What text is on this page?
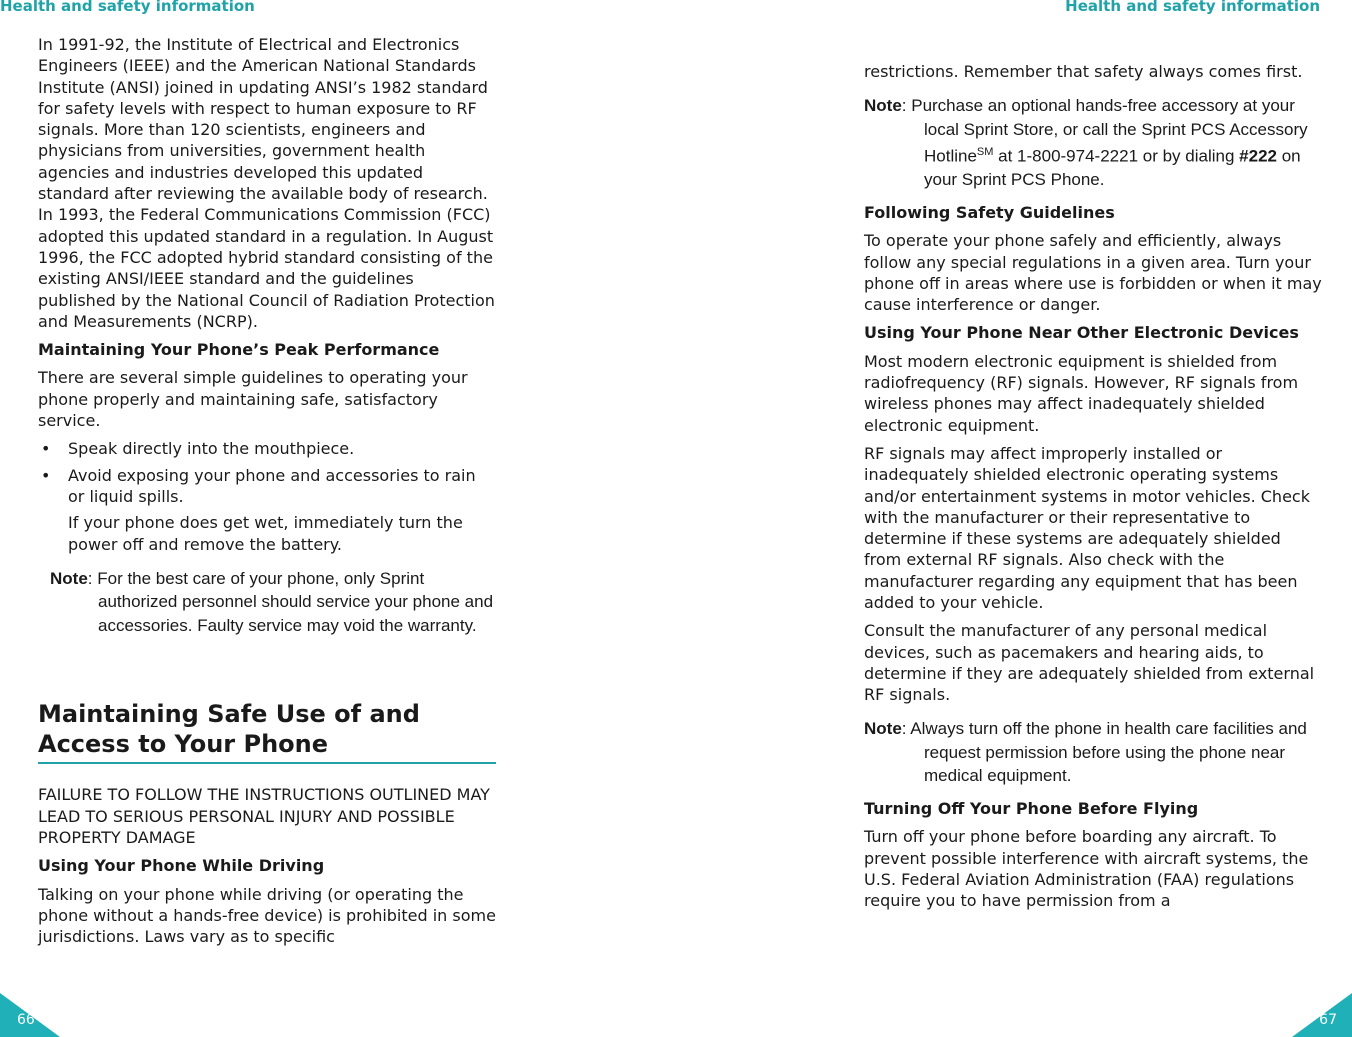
Health and safety information

In 1991-92, the Institute of Electrical and Electronics Engineers (IEEE) and the American National Standards Institute (ANSI) joined in updating ANSI’s 1982 standard for safety levels with respect to human exposure to RF signals. More than 120 scientists, engineers and physicians from universities, government health agencies and industries developed this updated standard after reviewing the available body of research. In 1993, the Federal Communications Commission (FCC) adopted this updated standard in a regulation. In August 1996, the FCC adopted hybrid standard consisting of the existing ANSI/IEEE standard and the guidelines published by the National Council of Radiation Protection and Measurements (NCRP).

Maintaining Your Phone’s Peak Performance

There are several simple guidelines to operating your phone properly and maintaining safe, satisfactory service.

• Speak directly into the mouthpiece.
• Avoid exposing your phone and accessories to rain or liquid spills.

If your phone does get wet, immediately turn the power off and remove the battery.

Note: For the best care of your phone, only Sprint authorized personnel should service your phone and accessories. Faulty service may void the warranty.
Maintaining Safe Use of and Access to Your Phone

FAILURE TO FOLLOW THE INSTRUCTIONS OUTLINED MAY LEAD TO SERIOUS PERSONAL INJURY AND POSSIBLE PROPERTY DAMAGE

Using Your Phone While Driving

Talking on your phone while driving (or operating the phone without a hands-free device) is prohibited in some jurisdictions. Laws vary as to specific

66
Health and safety information

restrictions. Remember that safety always comes first.

Note: Purchase an optional hands-free accessory at your local Sprint Store, or call the Sprint PCS Accessory Hotline℠ at 1-800-974-2221 or by dialing #222 on your Sprint PCS Phone.
Following Safety Guidelines

To operate your phone safely and efficiently, always follow any special regulations in a given area. Turn your phone off in areas where use is forbidden or when it may cause interference or danger.

Using Your Phone Near Other Electronic Devices

Most modern electronic equipment is shielded from radiofrequency (RF) signals. However, RF signals from wireless phones may affect inadequately shielded electronic equipment.

RF signals may affect improperly installed or inadequately shielded electronic operating systems and/or entertainment systems in motor vehicles. Check with the manufacturer or their representative to determine if these systems are adequately shielded from external RF signals. Also check with the manufacturer regarding any equipment that has been added to your vehicle.

Consult the manufacturer of any personal medical devices, such as pacemakers and hearing aids, to determine if they are adequately shielded from external RF signals.

Note: Always turn off the phone in health care facilities and request permission before using the phone near medical equipment.
Turning Off Your Phone Before Flying

Turn off your phone before boarding any aircraft. To prevent possible interference with aircraft systems, the U.S. Federal Aviation Administration (FAA) regulations require you to have permission from a

67
